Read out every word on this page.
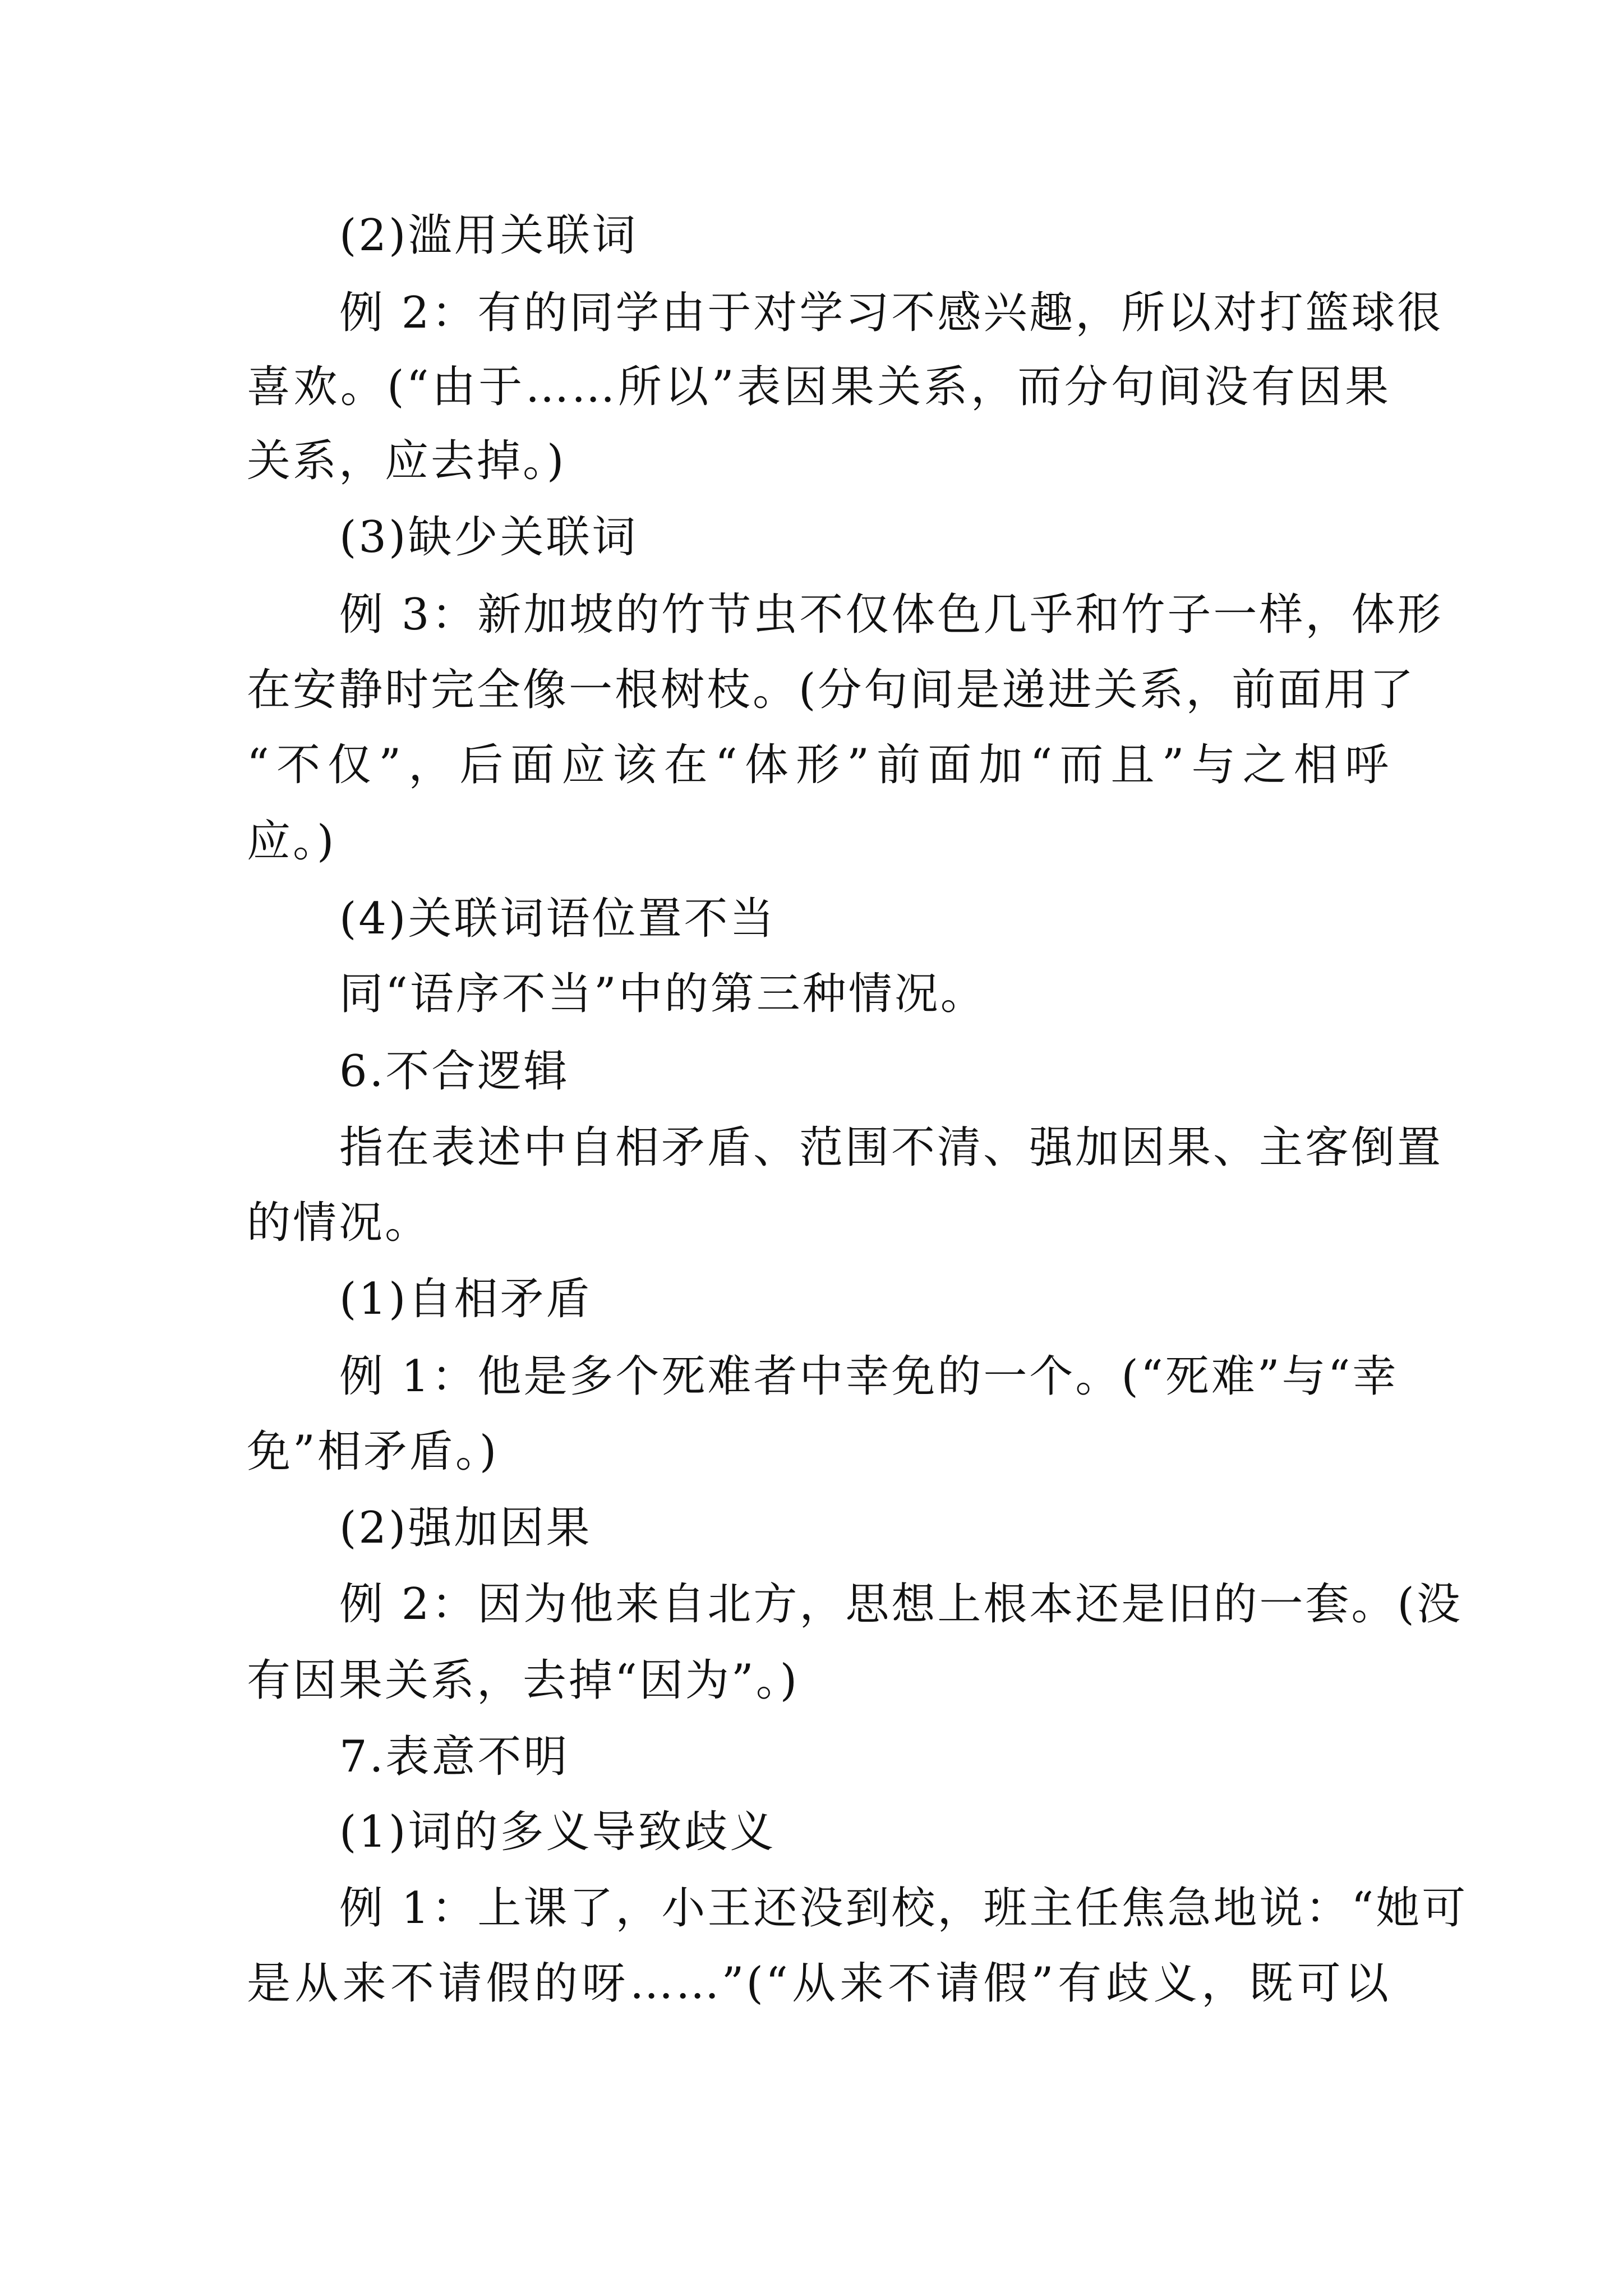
(2)滥用关联词
例 2：有的同学由于对学习不感兴趣，所以对打篮球很
喜欢。(“由于……所以”表因果关系，而分句间没有因果
关系，应去掉。)
(3)缺少关联词
例 3：新加坡的竹节虫不仅体色几乎和竹子一样，体形
在安静时完全像一根树枝。(分句间是递进关系，前面用了
“不仅”，后面应该在“体形”前面加“而且”与之相呼
应。)
(4)关联词语位置不当
同“语序不当”中的第三种情况。
6.不合逻辑
指在表述中自相矛盾、范围不清、强加因果、主客倒置
的情况。
(1)自相矛盾
例 1：他是多个死难者中幸免的一个。(“死难”与“幸
免”相矛盾。)
(2)强加因果
例 2：因为他来自北方，思想上根本还是旧的一套。(没
有因果关系，去掉“因为”。)
7.表意不明
(1)词的多义导致歧义
例 1：上课了，小王还没到校，班主任焦急地说：“她可
是从来不请假的呀……”(“从来不请假”有歧义，既可以
